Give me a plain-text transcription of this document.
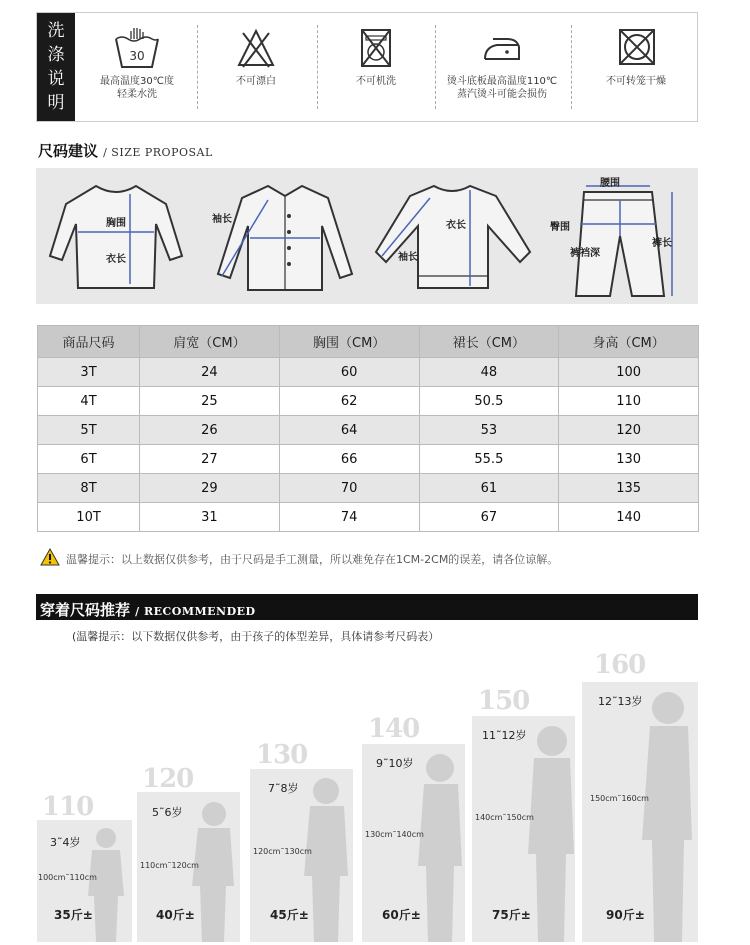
洗
涤
说
明
30
最高温度30℃度
轻柔水洗
不可漂白	不可机洗	烫斗底板最高温度110℃
蒸汽烫斗可能会损伤
不可转笼干燥
尺码建议 / SIZE PROPOSAL
胸围
衣长
袖长
衣长
袖长
腰围
臀围
裤裆深
裤长
商品尺码	肩宽（CM）	胸围（CM）	裙长（CM）	身高（CM）
3T	24	60	48	100
4T	25	62	50.5	110
5T	26	64	53	120
6T	27	66	55.5	130
8T	29	70	61	135
10T	31	74	67	140
温馨提示：以上数据仅供参考，由于尺码是手工测量，所以难免存在1CM-2CM的误差，请各位谅解。
穿着尺码推荐 / RECOMMENDED
(温馨提示：以下数据仅供参考，由于孩子的体型差异，具体请参考尺码表）
110
3˜4岁
100cm˜110cm
35斤±
120
5˜6岁
110cm˜120cm
40斤±
130
7˜8岁
120cm˜130cm
45斤±
140
9˜10岁
130cm˜140cm
60斤±
150
11˜12岁
140cm˜150cm
75斤±
160
12˜13岁
150cm˜160cm
90斤±
